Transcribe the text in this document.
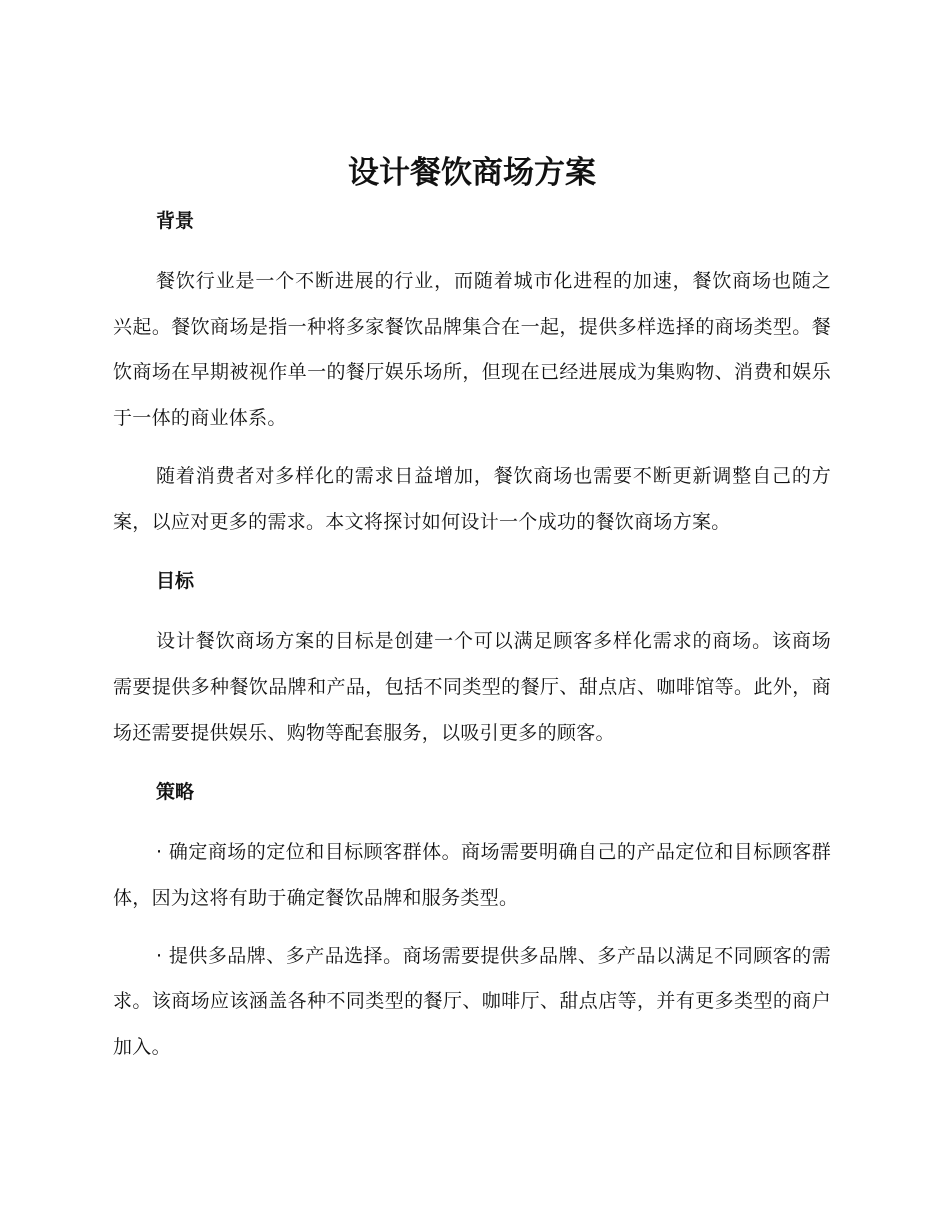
设计餐饮商场方案
背景

餐饮行业是一个不断进展的行业，而随着城市化进程的加速，餐饮商场也随之兴起。餐饮商场是指一种将多家餐饮品牌集合在一起，提供多样选择的商场类型。餐饮商场在早期被视作单一的餐厅娱乐场所，但现在已经进展成为集购物、消费和娱乐于一体的商业体系。

随着消费者对多样化的需求日益增加，餐饮商场也需要不断更新调整自己的方案，以应对更多的需求。本文将探讨如何设计一个成功的餐饮商场方案。

目标

设计餐饮商场方案的目标是创建一个可以满足顾客多样化需求的商场。该商场需要提供多种餐饮品牌和产品，包括不同类型的餐厅、甜点店、咖啡馆等。此外，商场还需要提供娱乐、购物等配套服务，以吸引更多的顾客。

策略

· 确定商场的定位和目标顾客群体。商场需要明确自己的产品定位和目标顾客群体，因为这将有助于确定餐饮品牌和服务类型。

· 提供多品牌、多产品选择。商场需要提供多品牌、多产品以满足不同顾客的需求。该商场应该涵盖各种不同类型的餐厅、咖啡厅、甜点店等，并有更多类型的商户加入。
